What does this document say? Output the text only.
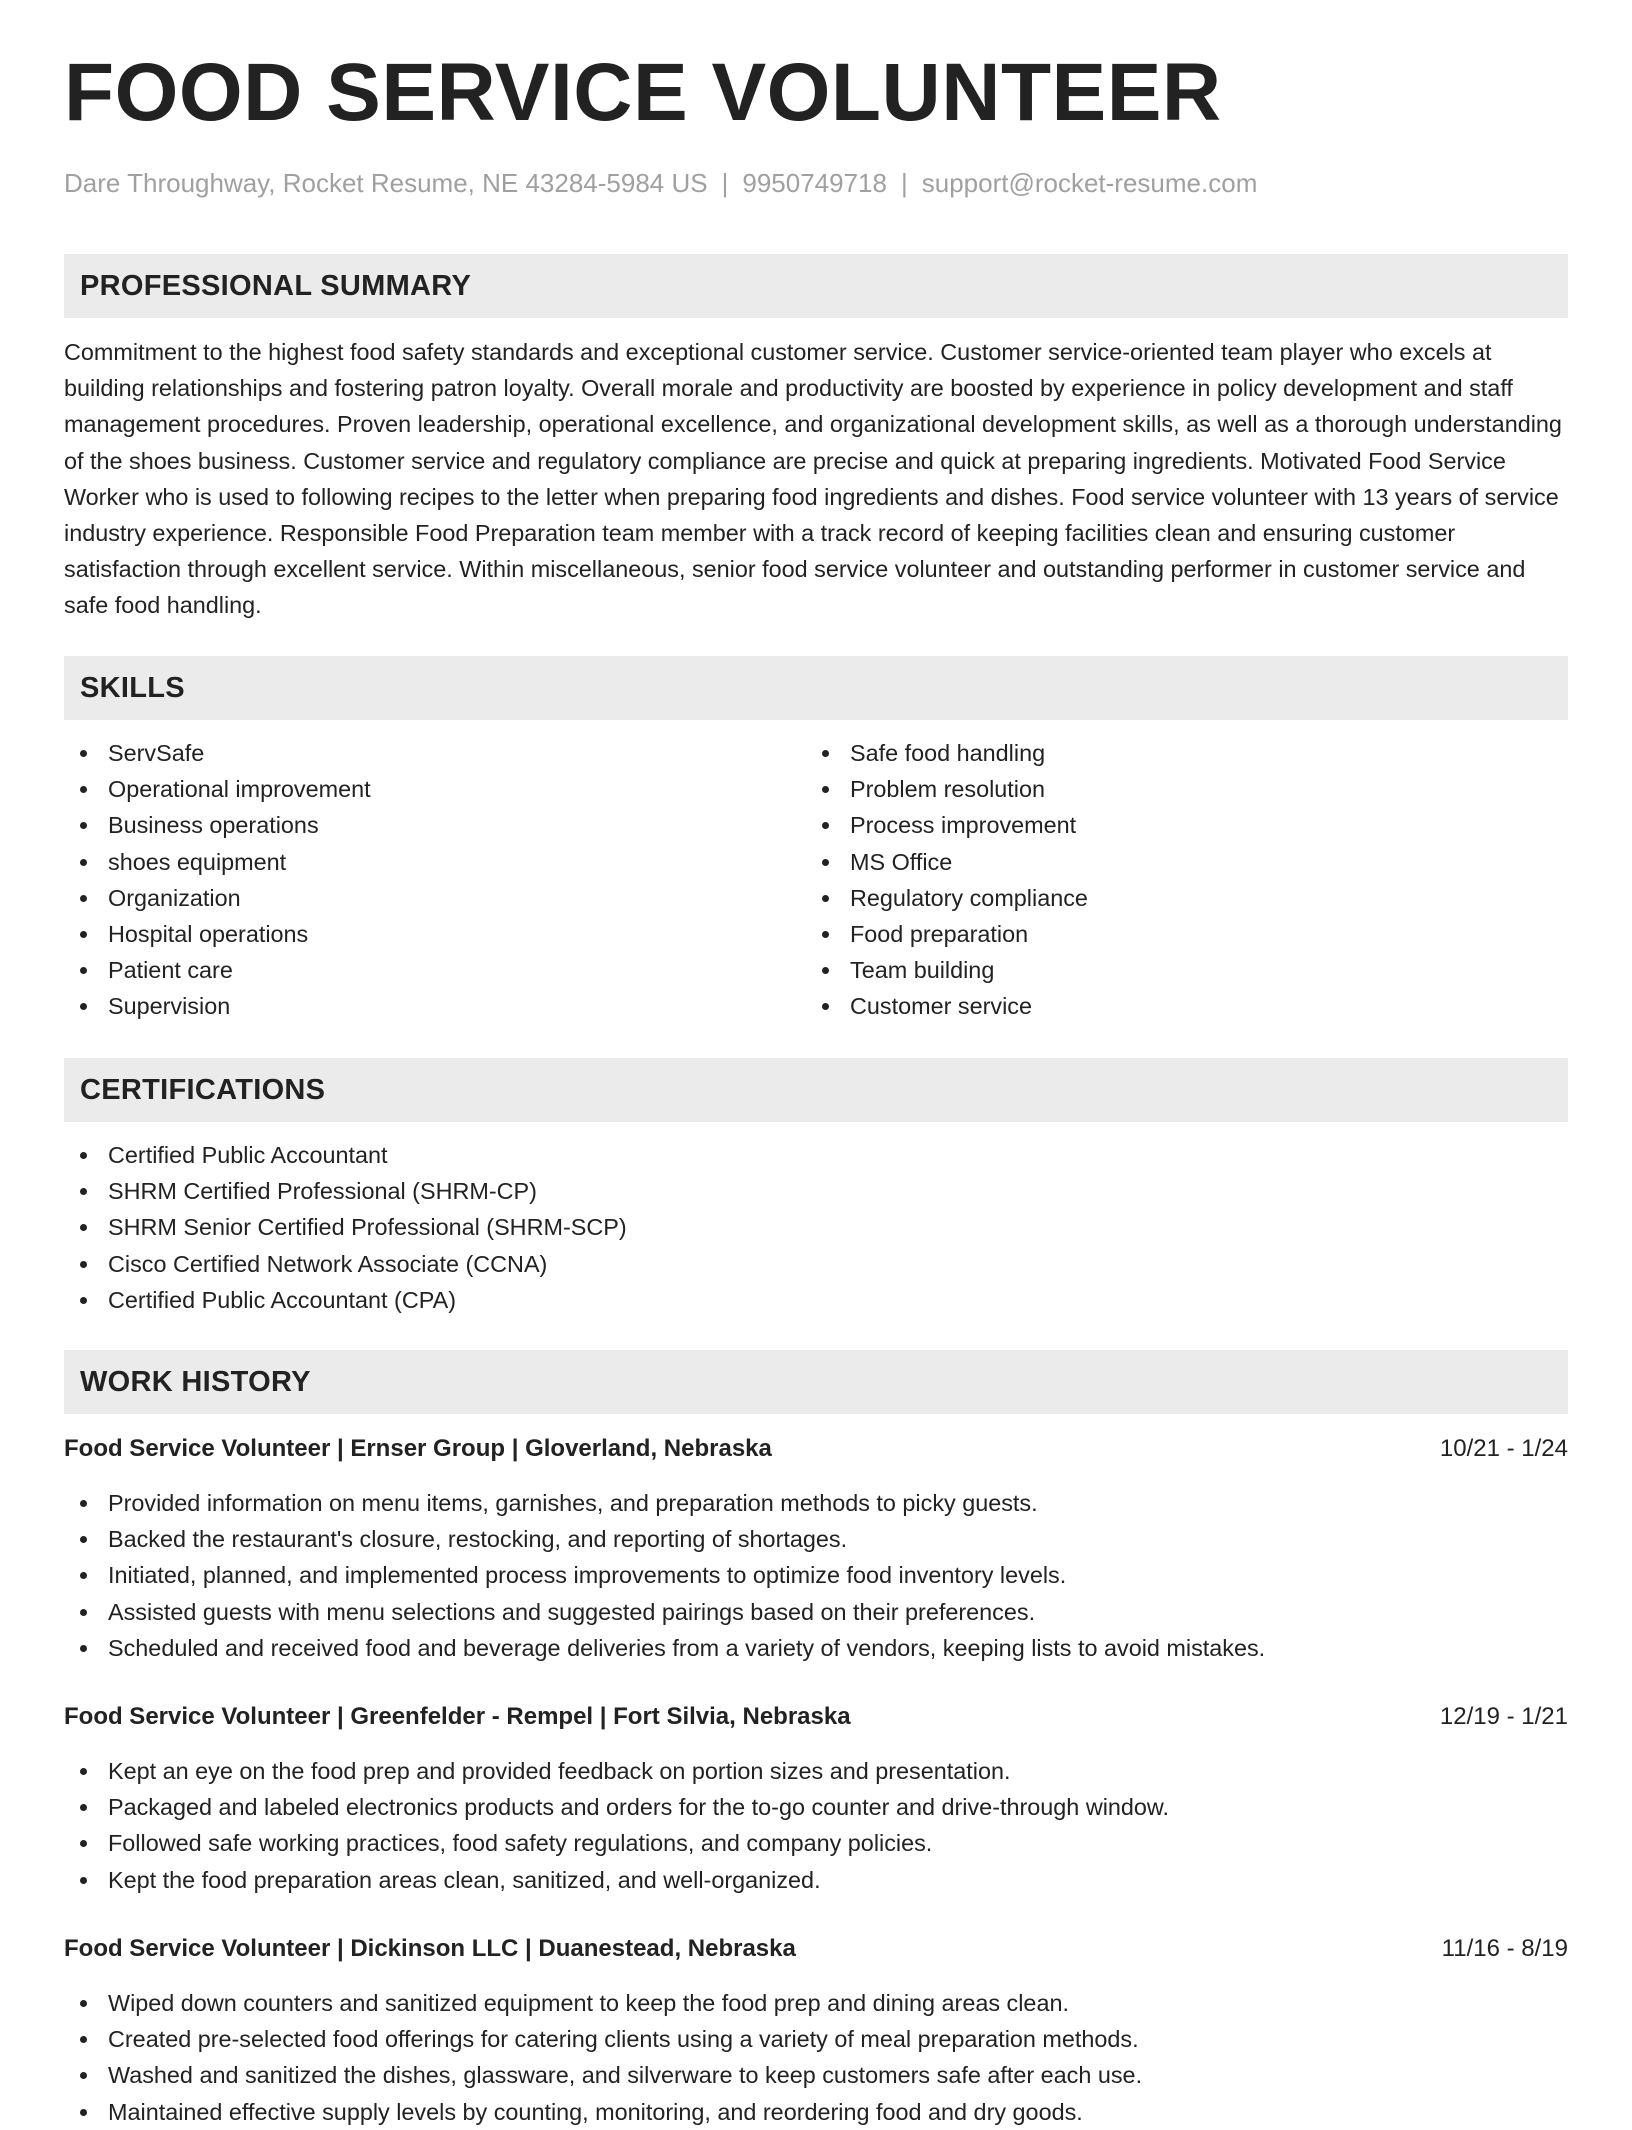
FOOD SERVICE VOLUNTEER
Dare Throughway, Rocket Resume, NE 43284-5984 US | 9950749718 | support@rocket-resume.com
PROFESSIONAL SUMMARY

Commitment to the highest food safety standards and exceptional customer service. Customer service-oriented team player who excels at building relationships and fostering patron loyalty. Overall morale and productivity are boosted by experience in policy development and staff management procedures. Proven leadership, operational excellence, and organizational development skills, as well as a thorough understanding of the shoes business. Customer service and regulatory compliance are precise and quick at preparing ingredients. Motivated Food Service Worker who is used to following recipes to the letter when preparing food ingredients and dishes. Food service volunteer with 13 years of service industry experience. Responsible Food Preparation team member with a track record of keeping facilities clean and ensuring customer satisfaction through excellent service. Within miscellaneous, senior food service volunteer and outstanding performer in customer service and safe food handling.

SKILLS
ServSafe
Operational improvement
Business operations
shoes equipment
Organization
Hospital operations
Patient care
Supervision
Safe food handling
Problem resolution
Process improvement
MS Office
Regulatory compliance
Food preparation
Team building
Customer service
CERTIFICATIONS
Certified Public Accountant
SHRM Certified Professional (SHRM-CP)
SHRM Senior Certified Professional (SHRM-SCP)
Cisco Certified Network Associate (CCNA)
Certified Public Accountant (CPA)
WORK HISTORY
Food Service Volunteer | Ernser Group | Gloverland, Nebraska	10/21 - 1/24
Provided information on menu items, garnishes, and preparation methods to picky guests.
Backed the restaurant's closure, restocking, and reporting of shortages.
Initiated, planned, and implemented process improvements to optimize food inventory levels.
Assisted guests with menu selections and suggested pairings based on their preferences.
Scheduled and received food and beverage deliveries from a variety of vendors, keeping lists to avoid mistakes.
Food Service Volunteer | Greenfelder - Rempel | Fort Silvia, Nebraska	12/19 - 1/21
Kept an eye on the food prep and provided feedback on portion sizes and presentation.
Packaged and labeled electronics products and orders for the to-go counter and drive-through window.
Followed safe working practices, food safety regulations, and company policies.
Kept the food preparation areas clean, sanitized, and well-organized.
Food Service Volunteer | Dickinson LLC | Duanestead, Nebraska	11/16 - 8/19
Wiped down counters and sanitized equipment to keep the food prep and dining areas clean.
Created pre-selected food offerings for catering clients using a variety of meal preparation methods.
Washed and sanitized the dishes, glassware, and silverware to keep customers safe after each use.
Maintained effective supply levels by counting, monitoring, and reordering food and dry goods.
